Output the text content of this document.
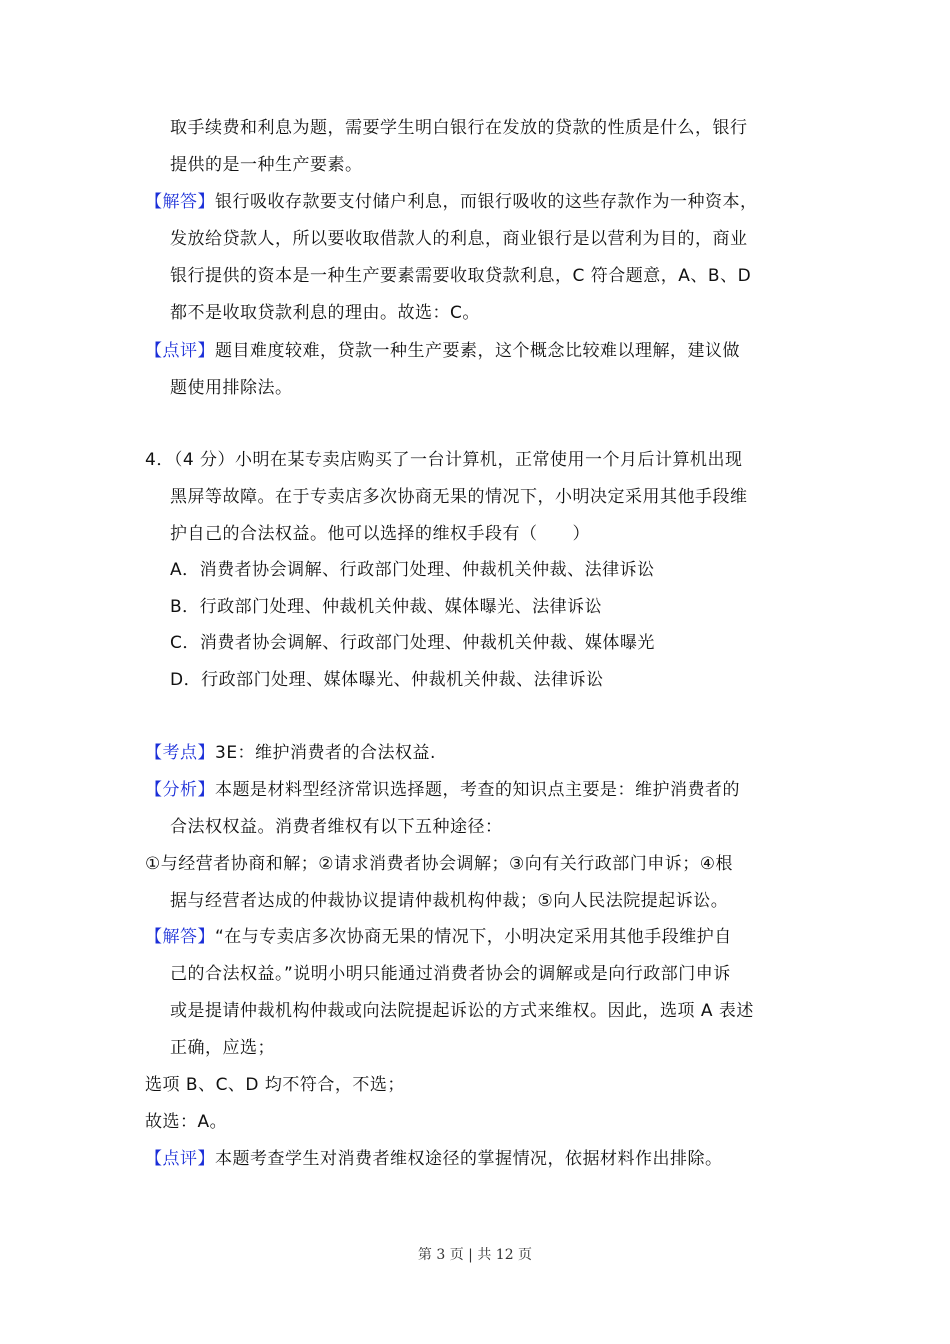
取手续费和利息为题，需要学生明白银行在发放的贷款的性质是什么，银行
提供的是一种生产要素。
【解答】银行吸收存款要支付储户利息，而银行吸收的这些存款作为一种资本，
发放给贷款人，所以要收取借款人的利息，商业银行是以营利为目的，商业
银行提供的资本是一种生产要素需要收取贷款利息，C 符合题意，A、B、D
都不是收取贷款利息的理由。故选：C。
【点评】题目难度较难，贷款一种生产要素，这个概念比较难以理解，建议做
题使用排除法。
4．（4 分）小明在某专卖店购买了一台计算机，正常使用一个月后计算机出现
黑屏等故障。在于专卖店多次协商无果的情况下，小明决定采用其他手段维
护自己的合法权益。他可以选择的维权手段有（　　）
A．消费者协会调解、行政部门处理、仲裁机关仲裁、法律诉讼
B．行政部门处理、仲裁机关仲裁、媒体曝光、法律诉讼
C．消费者协会调解、行政部门处理、仲裁机关仲裁、媒体曝光
D．行政部门处理、媒体曝光、仲裁机关仲裁、法律诉讼
【考点】3E：维护消费者的合法权益.
【分析】本题是材料型经济常识选择题，考查的知识点主要是：维护消费者的
合法权权益。消费者维权有以下五种途径：
①与经营者协商和解；②请求消费者协会调解；③向有关行政部门申诉；④根
据与经营者达成的仲裁协议提请仲裁机构仲裁；⑤向人民法院提起诉讼。
【解答】“在与专卖店多次协商无果的情况下，小明决定采用其他手段维护自
己的合法权益。”说明小明只能通过消费者协会的调解或是向行政部门申诉
或是提请仲裁机构仲裁或向法院提起诉讼的方式来维权。因此，选项 A 表述
正确，应选；
选项 B、C、D 均不符合，不选；
故选：A。
【点评】本题考查学生对消费者维权途径的掌握情况，依据材料作出排除。
第 3 页 | 共 12 页
